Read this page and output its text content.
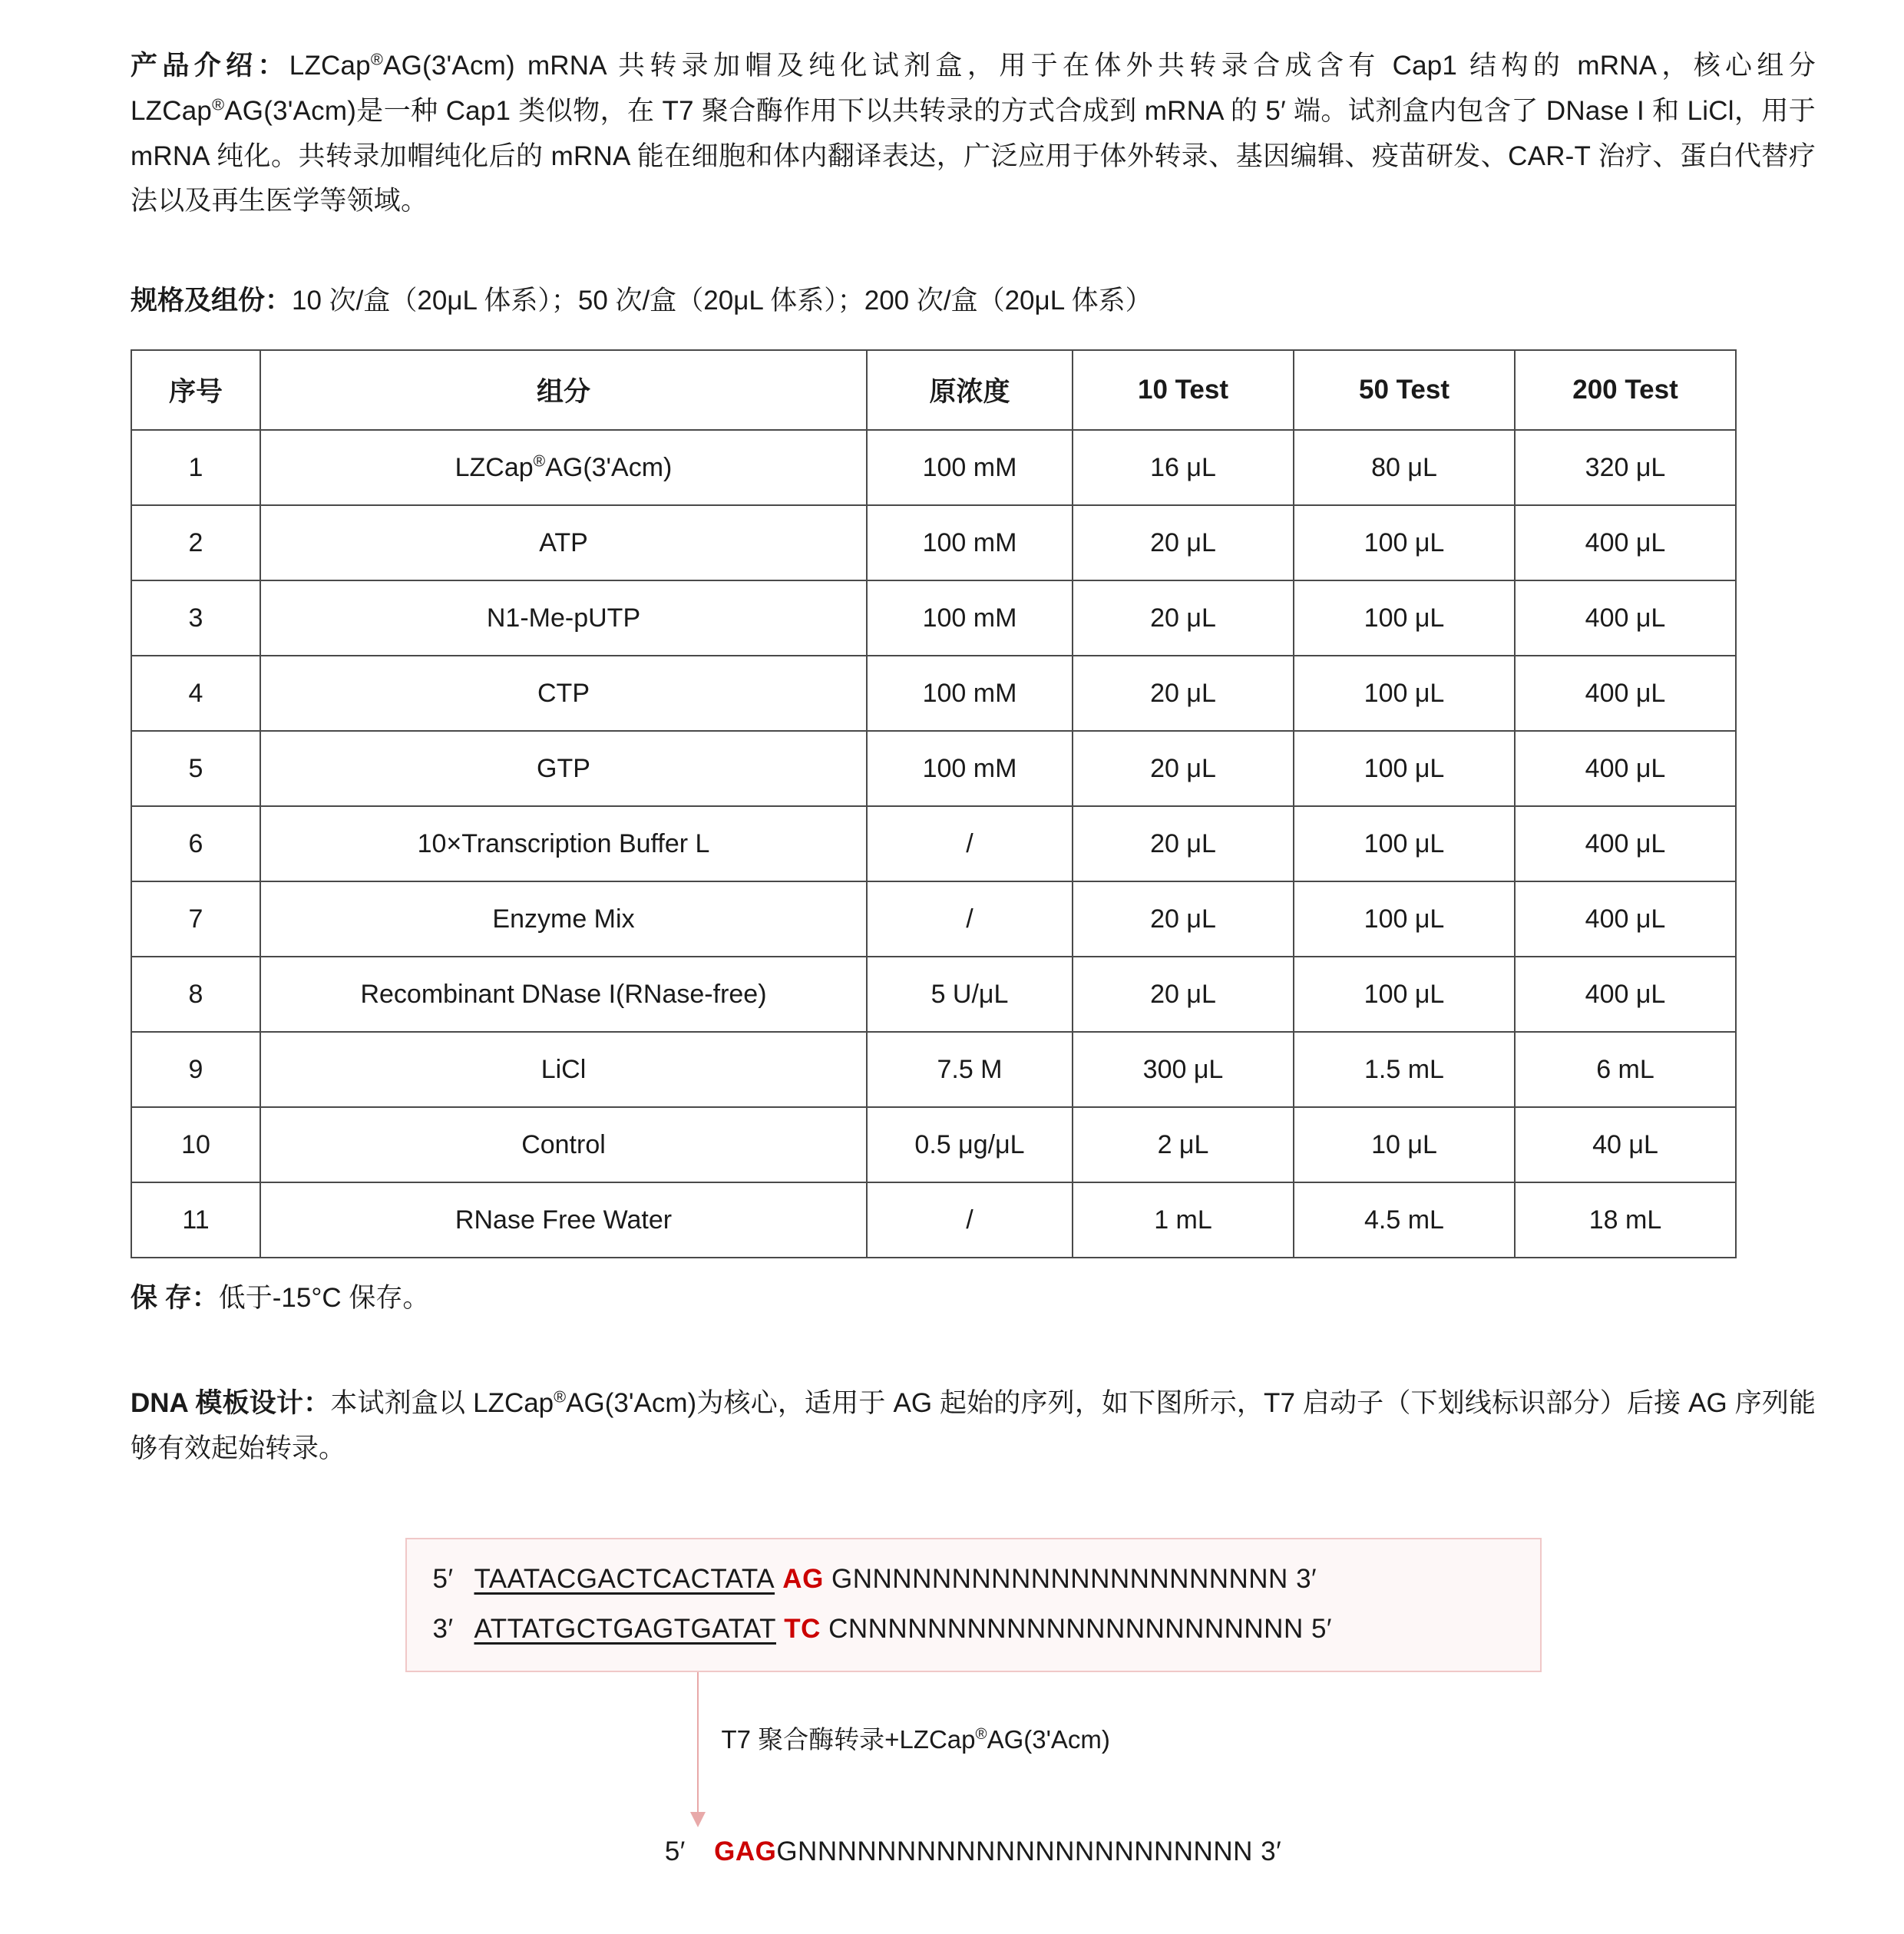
产品介绍：LZCap®AG(3'Acm) mRNA 共转录加帽及纯化试剂盒，用于在体外共转录合成含有 Cap1 结构的 mRNA，核心组分 LZCap®AG(3'Acm)是一种 Cap1 类似物，在 T7 聚合酶作用下以共转录的方式合成到 mRNA 的 5′ 端。试剂盒内包含了 DNase I 和 LiCl，用于 mRNA 纯化。共转录加帽纯化后的 mRNA 能在细胞和体内翻译表达，广泛应用于体外转录、基因编辑、疫苗研发、CAR-T 治疗、蛋白代替疗法以及再生医学等领域。

规格及组份：10 次/盒（20μL 体系）；50 次/盒（20μL 体系）；200 次/盒（20μL 体系）

序号	组分	原浓度	10 Test	50 Test	200 Test
1	LZCap®AG(3'Acm)	100 mM	16 μL	80 μL	320 μL
2	ATP	100 mM	20 μL	100 μL	400 μL
3	N1-Me-pUTP	100 mM	20 μL	100 μL	400 μL
4	CTP	100 mM	20 μL	100 μL	400 μL
5	GTP	100 mM	20 μL	100 μL	400 μL
6	10×Transcription Buffer L	/	20 μL	100 μL	400 μL
7	Enzyme Mix	/	20 μL	100 μL	400 μL
8	Recombinant DNase I(RNase-free)	5 U/μL	20 μL	100 μL	400 μL
9	LiCl	7.5 M	300 μL	1.5 mL	6 mL
10	Control	0.5 μg/μL	2 μL	10 μL	40 μL
11	RNase Free Water	/	1 mL	4.5 mL	18 mL

保 存：低于-15°C 保存。

DNA 模板设计：本试剂盒以 LZCap®AG(3'Acm)为核心，适用于 AG 起始的序列，如下图所示，T7 启动子（下划线标识部分）后接 AG 序列能够有效起始转录。

5′ TAATACGACTCACTATA AG GNNNNNNNNNNNNNNNNNNNNNN 3′
3′ ATTATGCTGAGTGATAT TC CNNNNNNNNNNNNNNNNNNNNNNN 5′
T7 聚合酶转录+LZCap®AG(3'Acm)
5′ GAGGNNNNNNNNNNNNNNNNNNNNNNN 3′
